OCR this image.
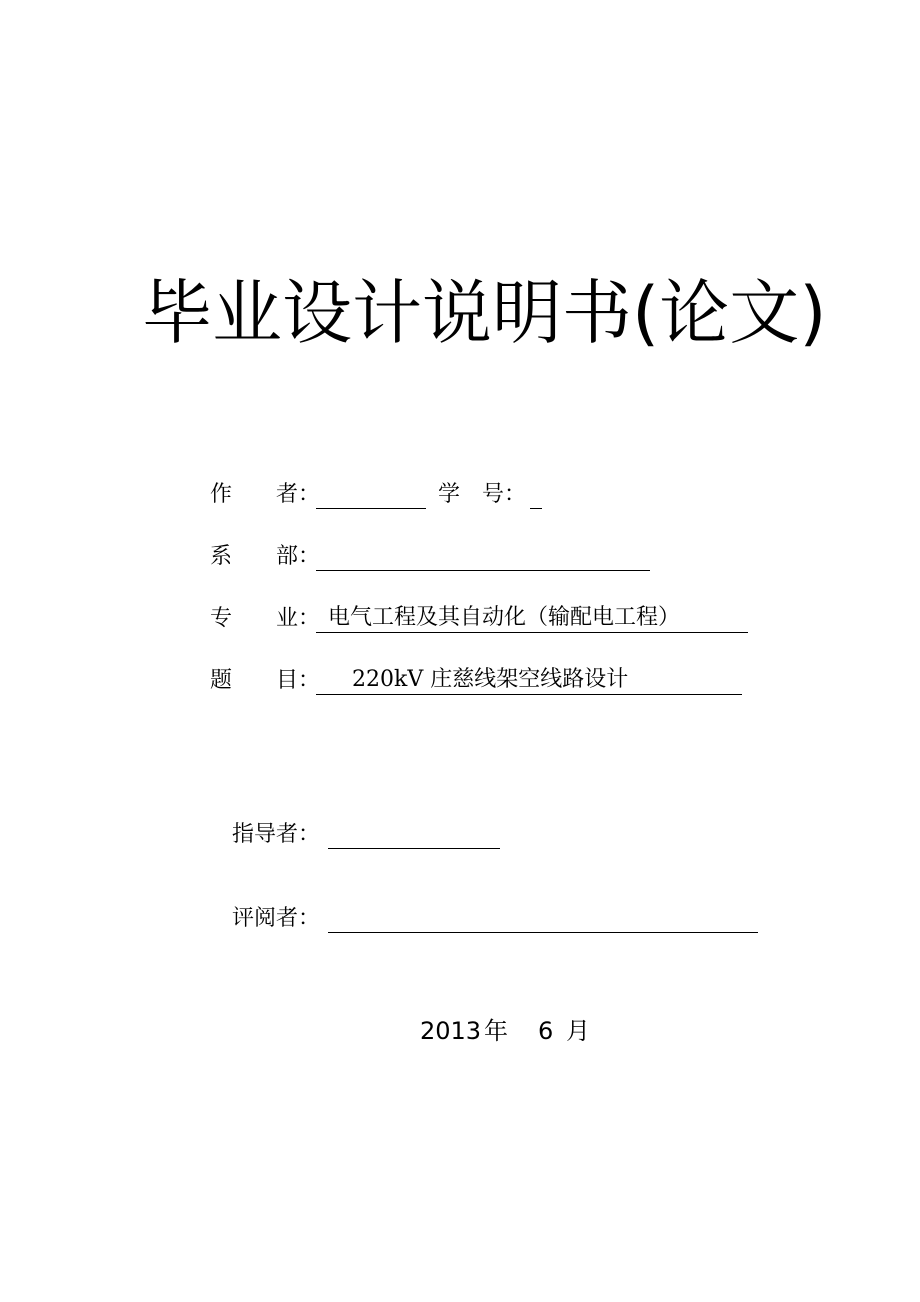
毕业设计说明书(论文)
作　　者：	学　号：
系　　部：
专　　业： 电气工程及其自动化（输配电工程）
题　　目：	220kV 庄慈线架空线路设计
指导者：
评阅者：
2013 年 6 月
